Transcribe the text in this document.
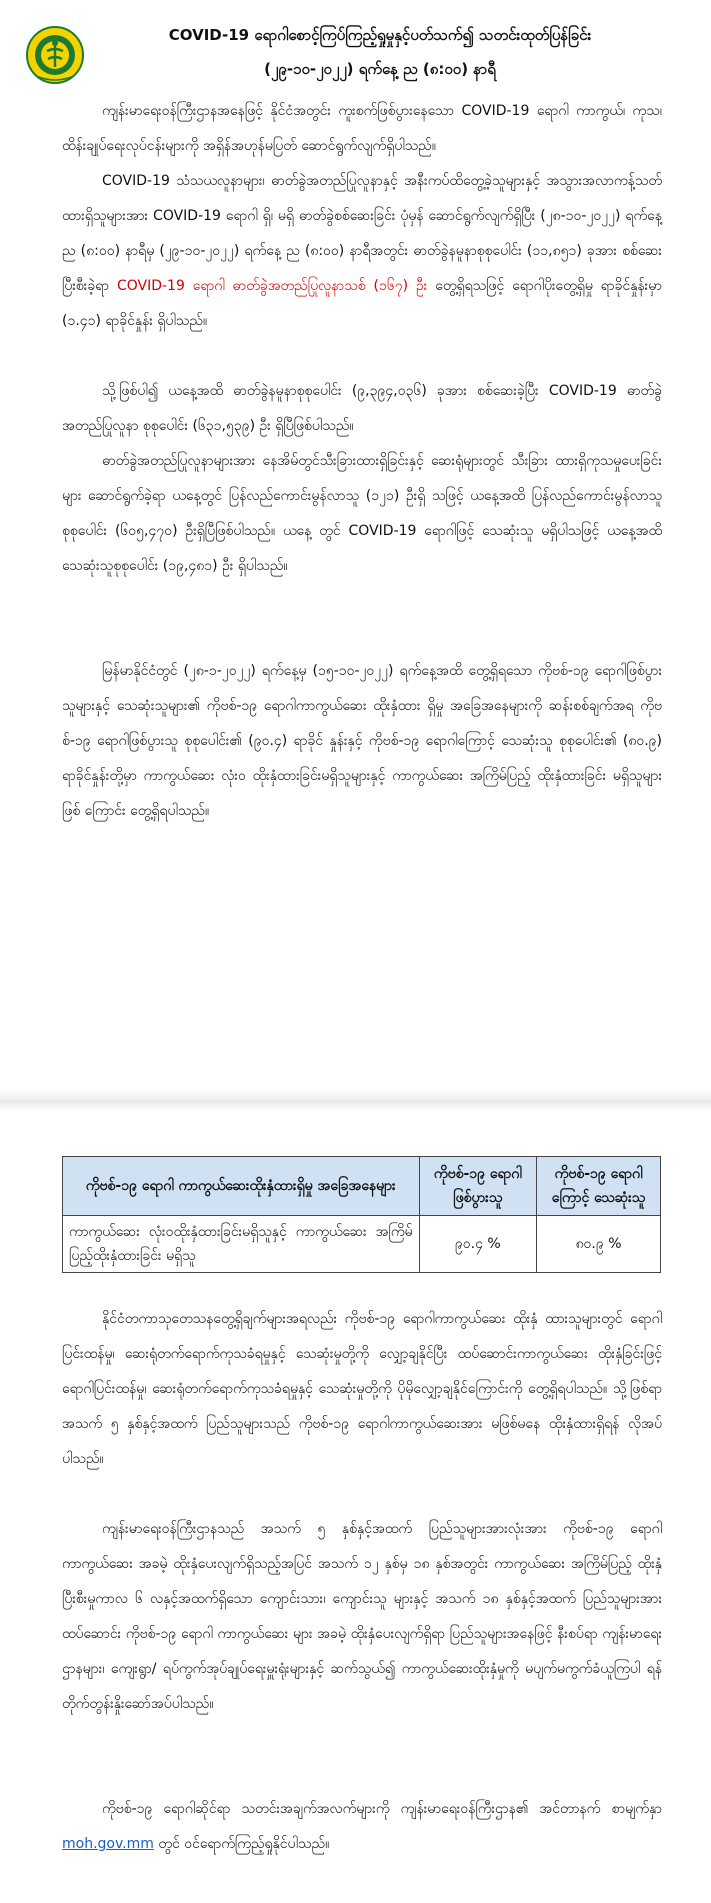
COVID-19 ရောဂါစောင့်ကြပ်ကြည့်ရှုမှုနှင့်ပတ်သက်၍ သတင်းထုတ်ပြန်ခြင်း
(၂၉-၁၀-၂၀၂၂) ရက်နေ့ ည (၈:၀၀) နာရီ
ကျန်းမာရေးဝန်ကြီးဌာနအနေဖြင့် နိုင်ငံအတွင်း ကူးစက်ဖြစ်ပွားနေသော COVID-19 ရောဂါ ကာကွယ်၊ ကုသ၊ ထိန်းချုပ်ရေးလုပ်ငန်းများကို အရှိန်အဟုန်မပြတ် ဆောင်ရွက်လျက်ရှိပါသည်။
COVID-19 သံသယလူနာများ၊ ဓာတ်ခွဲအတည်ပြုလူနာနှင့် အနီးကပ်ထိတွေ့ခဲ့သူများနှင့် အသွားအလာကန့်သတ်ထားရှိသူများအား COVID-19 ရောဂါ ရှိ၊ မရှိ ဓာတ်ခွဲစစ်ဆေးခြင်း ပုံမှန် ဆောင်ရွက်လျက်ရှိပြီး (၂၈-၁၀-၂၀၂၂) ရက်နေ့ ည (၈:၀၀) နာရီမှ (၂၉-၁၀-၂၀၂၂) ရက်နေ့ ည (၈:၀၀) နာရီအတွင်း ဓာတ်ခွဲနမူနာစုစုပေါင်း (၁၁,၈၅၁) ခုအား စစ်ဆေးပြီးစီးခဲ့ရာ COVID-19 ရောဂါ ဓာတ်ခွဲအတည်ပြုလူနာသစ် (၁၆၇) ဦး တွေ့ရှိရသဖြင့် ရောဂါပိုးတွေ့ရှိမှု ရာခိုင်နှုန်းမှာ (၁.၄၁) ရာခိုင်နှုန်း ရှိပါသည်။
သို့ဖြစ်ပါ၍ ယနေ့အထိ ဓာတ်ခွဲနမူနာစုစုပေါင်း (၉,၃၉၄,၀၃၆) ခုအား စစ်ဆေးခဲ့ပြီး COVID-19 ဓာတ်ခွဲအတည်ပြုလူနာ စုစုပေါင်း (၆၃၁,၅၃၉) ဦး ရှိပြီဖြစ်ပါသည်။
ဓာတ်ခွဲအတည်ပြုလူနာများအား နေအိမ်တွင်သီးခြားထားရှိခြင်းနှင့် ဆေးရုံများတွင် သီးခြား ထားရှိကုသမှုပေးခြင်းများ ဆောင်ရွက်ခဲ့ရာ ယနေ့တွင် ပြန်လည်ကောင်းမွန်လာသူ (၁၂၁) ဦးရှိ သဖြင့် ယနေ့အထိ ပြန်လည်ကောင်းမွန်လာသူ စုစုပေါင်း (၆၀၅,၄၇၀) ဦးရှိပြီဖြစ်ပါသည်။ ယနေ့ တွင် COVID-19 ရောဂါဖြင့် သေဆုံးသူ မရှိပါသဖြင့် ယနေ့အထိ သေဆုံးသူစုစုပေါင်း (၁၉,၄၈၁) ဦး ရှိပါသည်။
မြန်မာနိုင်ငံတွင် (၂၈-၁-၂၀၂၂) ရက်နေ့မှ (၁၅-၁၀-၂၀၂၂) ရက်နေ့အထိ တွေ့ရှိရသော ကိုဗစ်-၁၉ ရောဂါဖြစ်ပွားသူများနှင့် သေဆုံးသူများ၏ ကိုဗစ်-၁၉ ရောဂါကာကွယ်ဆေး ထိုးနှံထား ရှိမှု အခြေအနေများကို ဆန်းစစ်ချက်အရ ကိုဗစ်-၁၉ ရောဂါဖြစ်ပွားသူ စုစုပေါင်း၏ (၉၀.၄) ရာခိုင် နှုန်းနှင့် ကိုဗစ်-၁၉ ရောဂါကြောင့် သေဆုံးသူ စုစုပေါင်း၏ (၈၀.၉) ရာခိုင်နှုန်းတို့မှာ ကာကွယ်ဆေး လုံးဝ ထိုးနှံထားခြင်းမရှိသူများနှင့် ကာကွယ်ဆေး အကြိမ်ပြည့် ထိုးနှံထားခြင်း မရှိသူများ ဖြစ် ကြောင်း တွေ့ရှိရပါသည်။
ကိုဗစ်-၁၉ ရောဂါ ကာကွယ်ဆေးထိုးနှံထားရှိမှု အခြေအနေများ	ကိုဗစ်-၁၉ ရောဂါ ဖြစ်ပွားသူ	ကိုဗစ်-၁၉ ရောဂါ ကြောင့် သေဆုံးသူ
ကာကွယ်ဆေး လုံးဝထိုးနှံထားခြင်းမရှိသူနှင့် ကာကွယ်ဆေး အကြိမ်ပြည့်ထိုးနှံထားခြင်း မရှိသူ	၉၀.၄ %	၈၀.၉ %
နိုင်ငံတကာသုတေသနတွေ့ရှိချက်များအရလည်း ကိုဗစ်-၁၉ ရောဂါကာကွယ်ဆေး ထိုးနှံ ထားသူများတွင် ရောဂါပြင်းထန်မှု၊ ဆေးရုံတက်ရောက်ကုသခံရမှုနှင့် သေဆုံးမှုတို့ကို လျှော့ချနိုင်ပြီး ထပ်ဆောင်းကာကွယ်ဆေး ထိုးနှံခြင်းဖြင့် ရောဂါပြင်းထန်မှု၊ ဆေးရုံတက်ရောက်ကုသခံရမှုနှင့် သေဆုံးမှုတို့ကို ပိုမိုလျှော့ချနိုင်ကြောင်းကို တွေ့ရှိရပါသည်။ သို့ဖြစ်ရာ အသက် ၅ နှစ်နှင့်အထက် ပြည်သူများသည် ကိုဗစ်-၁၉ ရောဂါကာကွယ်ဆေးအား မဖြစ်မနေ ထိုးနှံထားရှိရန် လိုအပ်ပါသည်။
ကျန်းမာရေးဝန်ကြီးဌာနသည် အသက် ၅ နှစ်နှင့်အထက် ပြည်သူများအားလုံးအား ကိုဗစ်-၁၉ ရောဂါ ကာကွယ်ဆေး အခမဲ့ ထိုးနှံပေးလျက်ရှိသည့်အပြင် အသက် ၁၂ နှစ်မှ ၁၈ နှစ်အတွင်း ကာကွယ်ဆေး အကြိမ်ပြည့် ထိုးနှံပြီးစီးမှုကာလ ၆ လနှင့်အထက်ရှိသော ကျောင်းသား၊ ကျောင်းသူ များနှင့် အသက် ၁၈ နှစ်နှင့်အထက် ပြည်သူများအား ထပ်ဆောင်း ကိုဗစ်-၁၉ ရောဂါ ကာကွယ်ဆေး များ အခမဲ့ ထိုးနှံပေးလျက်ရှိရာ ပြည်သူများအနေဖြင့် နီးစပ်ရာ ကျန်းမာရေးဌာနများ၊ ကျေးရွာ/ ရပ်ကွက်အုပ်ချုပ်ရေးမှူးရုံးများနှင့် ဆက်သွယ်၍ ကာကွယ်ဆေးထိုးနှံမှုကို မပျက်မကွက်ခံယူကြပါ ရန် တိုက်တွန်းနှိုးဆော်အပ်ပါသည်။
ကိုဗစ်-၁၉ ရောဂါဆိုင်ရာ သတင်းအချက်အလက်များကို ကျန်းမာရေးဝန်ကြီးဌာန၏ အင်တာနက် စာမျက်နှာ moh.gov.mm တွင် ဝင်ရောက်ကြည့်ရှုနိုင်ပါသည်။
